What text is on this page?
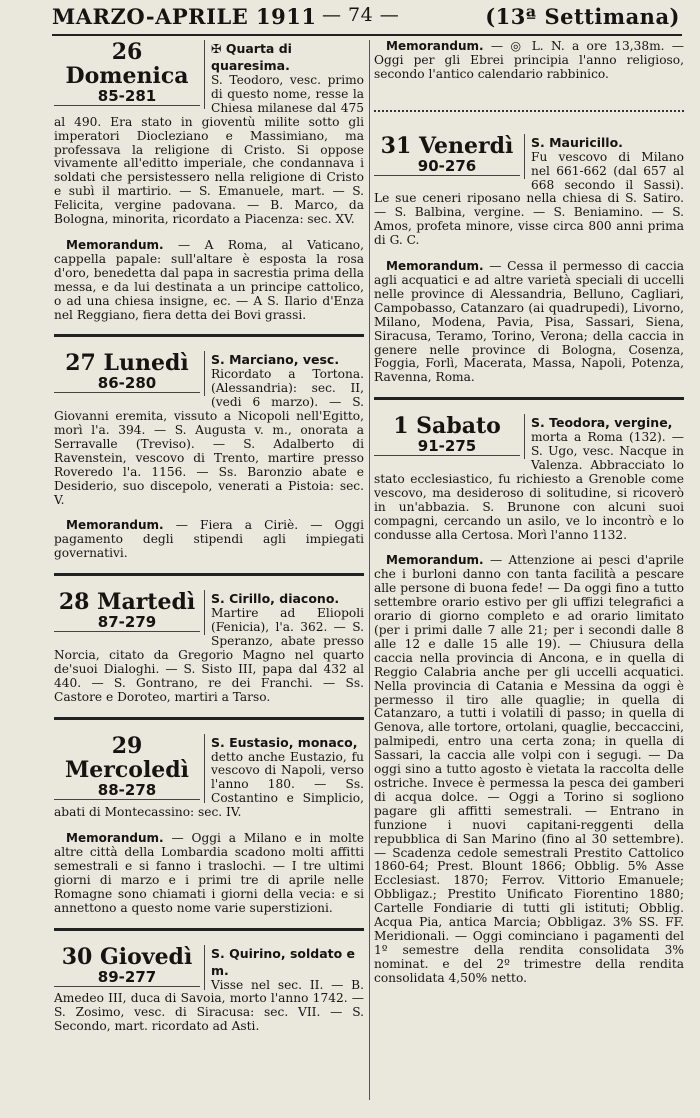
MARZO-APRILE 1911 — 74 —	(13ª Settimana)
26 Domenica
85-281
✠ Quarta di quaresima.

S. Teodoro, vesc. primo di questo nome, resse la Chiesa milanese dal 475 al 490. Era stato in gioventù milite sotto gli imperatori Diocleziano e Massimiano, ma professava la religione di Cristo. Si oppose vivamente all'editto imperiale, che condannava i soldati che persistessero nella religione di Cristo e subì il martirio. — S. Emanuele, mart. — S. Felicita, vergine padovana. — B. Marco, da Bologna, minorita, ricordato a Piacenza: sec. XV.

Memorandum. — A Roma, al Vaticano, cappella papale: sull'altare è esposta la rosa d'oro, benedetta dal papa in sacrestia prima della messa, e da lui destinata a un principe cattolico, o ad una chiesa insigne, ec. — A S. Ilario d'Enza nel Reggiano, fiera detta dei Bovi grassi.

27 Lunedì
86-280
S. Marciano, vesc.

Ricordato a Tortona. (Alessandria): sec. II, (vedi 6 marzo). — S. Giovanni eremita, vissuto a Nicopoli nell'Egitto, morì l'a. 394. — S. Augusta v. m., onorata a Serravalle (Treviso). — S. Adalberto di Ravenstein, vescovo di Trento, martire presso Roveredo l'a. 1156. — Ss. Baronzio abate e Desiderio, suo discepolo, venerati a Pistoia: sec. V.

Memorandum. — Fiera a Ciriè. — Oggi pagamento degli stipendi agli impiegati governativi.

28 Martedì
87-279
S. Cirillo, diacono.

Martire ad Eliopoli (Fenicia), l'a. 362. — S. Speranzo, abate presso Norcia, citato da Gregorio Magno nel quarto de'suoi Dialoghi. — S. Sisto III, papa dal 432 al 440. — S. Gontrano, re dei Franchi. — Ss. Castore e Doroteo, martiri a Tarso.

29 Mercoledì
88-278
S. Eustasio, monaco,

detto anche Eustazio, fu vescovo di Napoli, verso l'anno 180. — Ss. Costantino e Simplicio, abati di Montecassino: sec. IV.

Memorandum. — Oggi a Milano e in molte altre città della Lombardia scadono molti affitti semestrali e si fanno i traslochi. — I tre ultimi giorni di marzo e i primi tre di aprile nelle Romagne sono chiamati i giorni della vecia: e si annettono a questo nome varie superstizioni.

30 Giovedì
89-277
S. Quirino, soldato e m.

Visse nel sec. II. — B. Amedeo III, duca di Savoia, morto l'anno 1742. — S. Zosimo, vesc. di Siracusa: sec. VII. — S. Secondo, mart. ricordato ad Asti.

Memorandum. — ◎ L. N. a ore 13,38m. — Oggi per gli Ebrei principia l'anno religioso, secondo l'antico calendario rabbinico.

31 Venerdì
90-276
S. Mauricillo.

Fu vescovo di Milano nel 661-662 (dal 657 al 668 secondo il Sassi). Le sue ceneri riposano nella chiesa di S. Satiro. — S. Balbina, vergine. — S. Beniamino. — S. Amos, profeta minore, visse circa 800 anni prima di G. C.

Memorandum. — Cessa il permesso di caccia agli acquatici e ad altre varietà speciali di uccelli nelle province di Alessandria, Belluno, Cagliari, Campobasso, Catanzaro (ai quadrupedi), Livorno, Milano, Modena, Pavia, Pisa, Sassari, Siena, Siracusa, Teramo, Torino, Verona; della caccia in genere nelle province di Bologna, Cosenza, Foggia, Forlì, Macerata, Massa, Napoli, Potenza, Ravenna, Roma.

1 Sabato
91-275
S. Teodora, vergine,

morta a Roma (132). — S. Ugo, vesc. Nacque in Valenza. Abbracciato lo stato ecclesiastico, fu richiesto a Grenoble come vescovo, ma desideroso di solitudine, si ricoverò in un'abbazia. S. Brunone con alcuni suoi compagni, cercando un asilo, ve lo incontrò e lo condusse alla Certosa. Morì l'anno 1132.

Memorandum. — Attenzione ai pesci d'aprile che i burloni danno con tanta facilità a pescare alle persone di buona fede! — Da oggi fino a tutto settembre orario estivo per gli uffizi telegrafici a orario di giorno completo e ad orario limitato (per i primi dalle 7 alle 21; per i secondi dalle 8 alle 12 e dalle 15 alle 19). — Chiusura della caccia nella provincia di Ancona, e in quella di Reggio Calabria anche per gli uccelli acquatici. Nella provincia di Catania e Messina da oggi è permesso il tiro alle quaglie; in quella di Catanzaro, a tutti i volatili di passo; in quella di Genova, alle tortore, ortolani, quaglie, beccaccini, palmipedi, entro una certa zona; in quella di Sassari, la caccia alle volpi con i segugi. — Da oggi sino a tutto agosto è vietata la raccolta delle ostriche. Invece è permessa la pesca dei gamberi di acqua dolce. — Oggi a Torino si sogliono pagare gli affitti semestrali. — Entrano in funzione i nuovi capitani-reggenti della repubblica di San Marino (fino al 30 settembre). — Scadenza cedole semestrali Prestito Cattolico 1860-64; Prest. Blount 1866; Obblig. 5% Asse Ecclesiast. 1870; Ferrov. Vittorio Emanuele; Obbligaz.; Prestito Unificato Fiorentino 1880; Cartelle Fondiarie di tutti gli istituti; Obblig. Acqua Pia, antica Marcia; Obbligaz. 3% SS. FF. Meridionali. — Oggi cominciano i pagamenti del 1º semestre della rendita consolidata 3% nominat. e del 2º trimestre della rendita consolidata 4,50% netto.
